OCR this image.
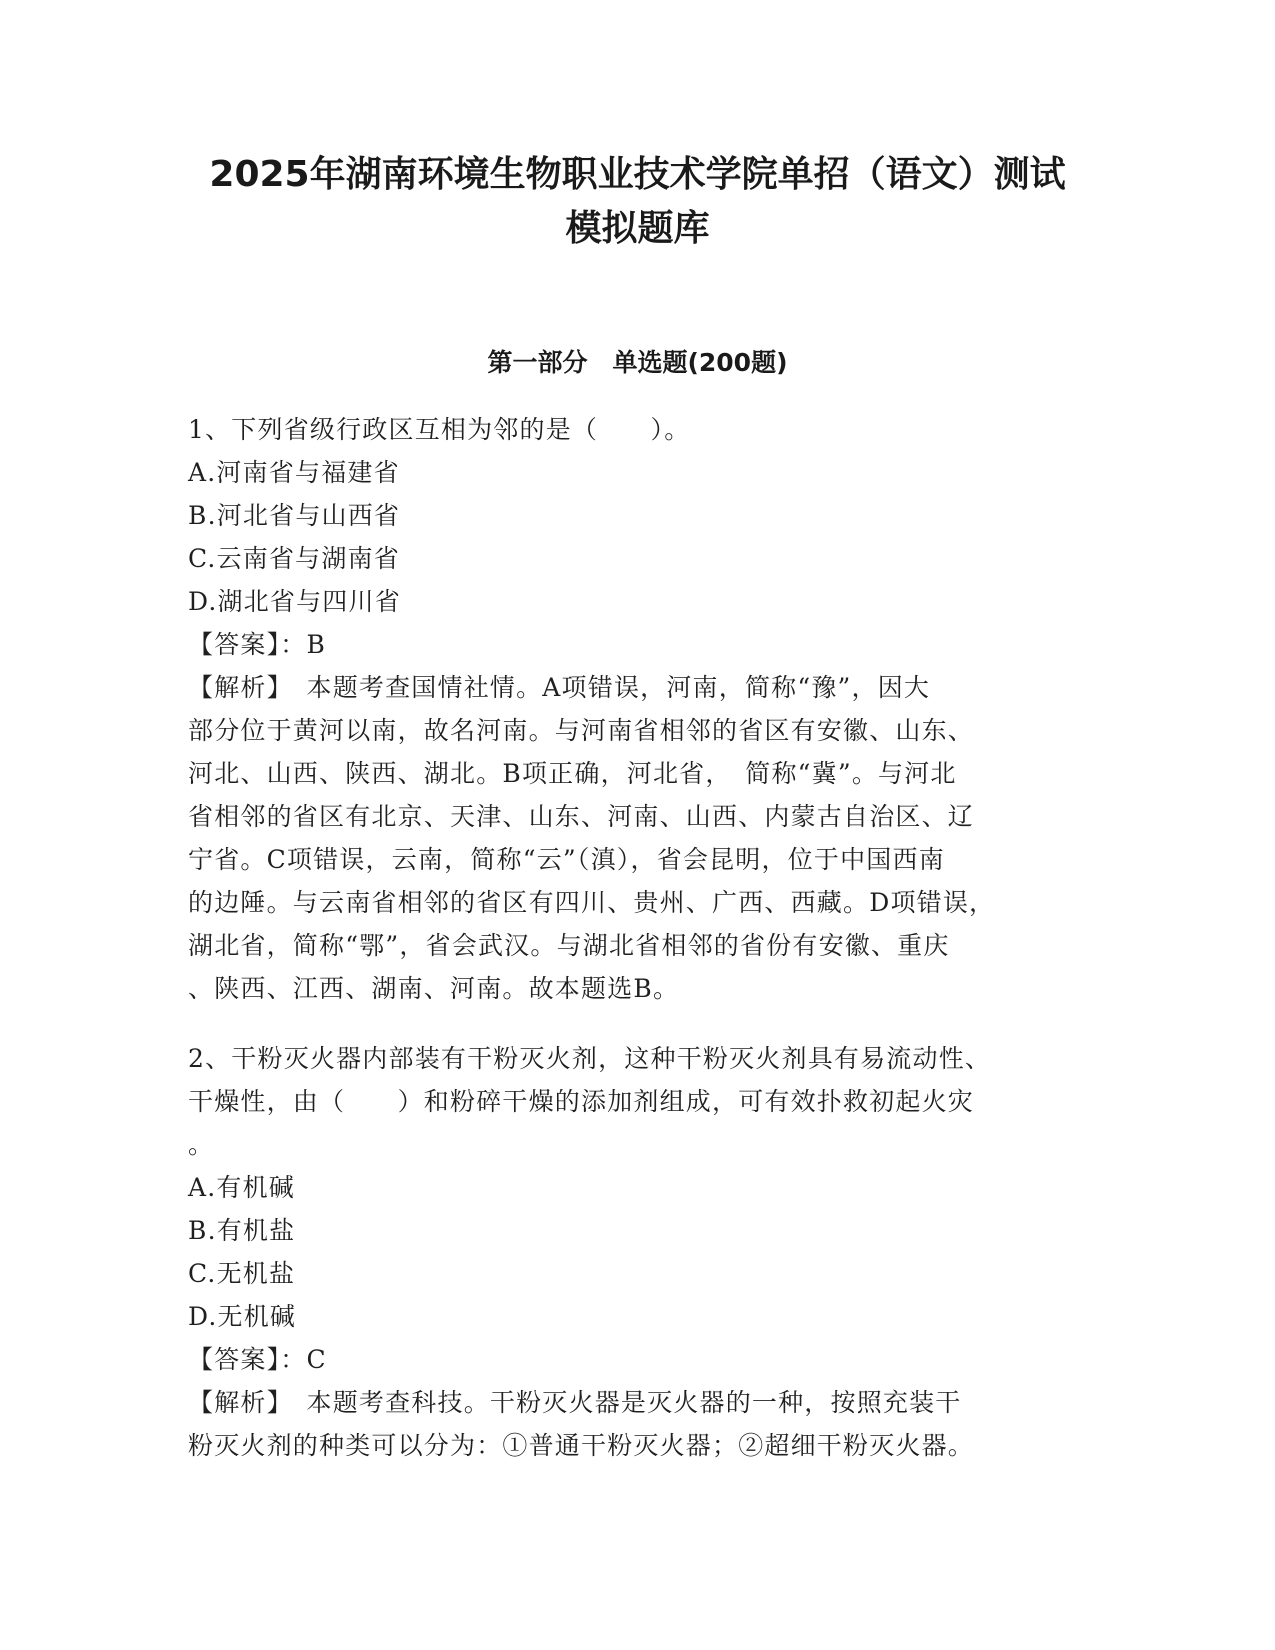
2025年湖南环境生物职业技术学院单招（语文）测试
模拟题库
第一部分　单选题(200题)
1、下列省级行政区互相为邻的是（　　）。
A.河南省与福建省
B.河北省与山西省
C.云南省与湖南省
D.湖北省与四川省
【答案】：B
【解析】　本题考查国情社情。A项错误，河南，简称“豫”，因大
部分位于黄河以南，故名河南。与河南省相邻的省区有安徽、山东、
河北、山西、陕西、湖北。B项正确，河北省，　简称“冀”。与河北
省相邻的省区有北京、天津、山东、河南、山西、内蒙古自治区、辽
宁省。C项错误，云南，简称“云”（滇），省会昆明，位于中国西南
的边陲。与云南省相邻的省区有四川、贵州、广西、西藏。D项错误，
湖北省，简称“鄂”，省会武汉。与湖北省相邻的省份有安徽、重庆
、陕西、江西、湖南、河南。故本题选B。
2、干粉灭火器内部装有干粉灭火剂，这种干粉灭火剂具有易流动性、
干燥性，由（　　）和粉碎干燥的添加剂组成，可有效扑救初起火灾
。
A.有机碱
B.有机盐
C.无机盐
D.无机碱
【答案】：C
【解析】　本题考查科技。干粉灭火器是灭火器的一种，按照充装干
粉灭火剂的种类可以分为：①普通干粉灭火器；②超细干粉灭火器。
